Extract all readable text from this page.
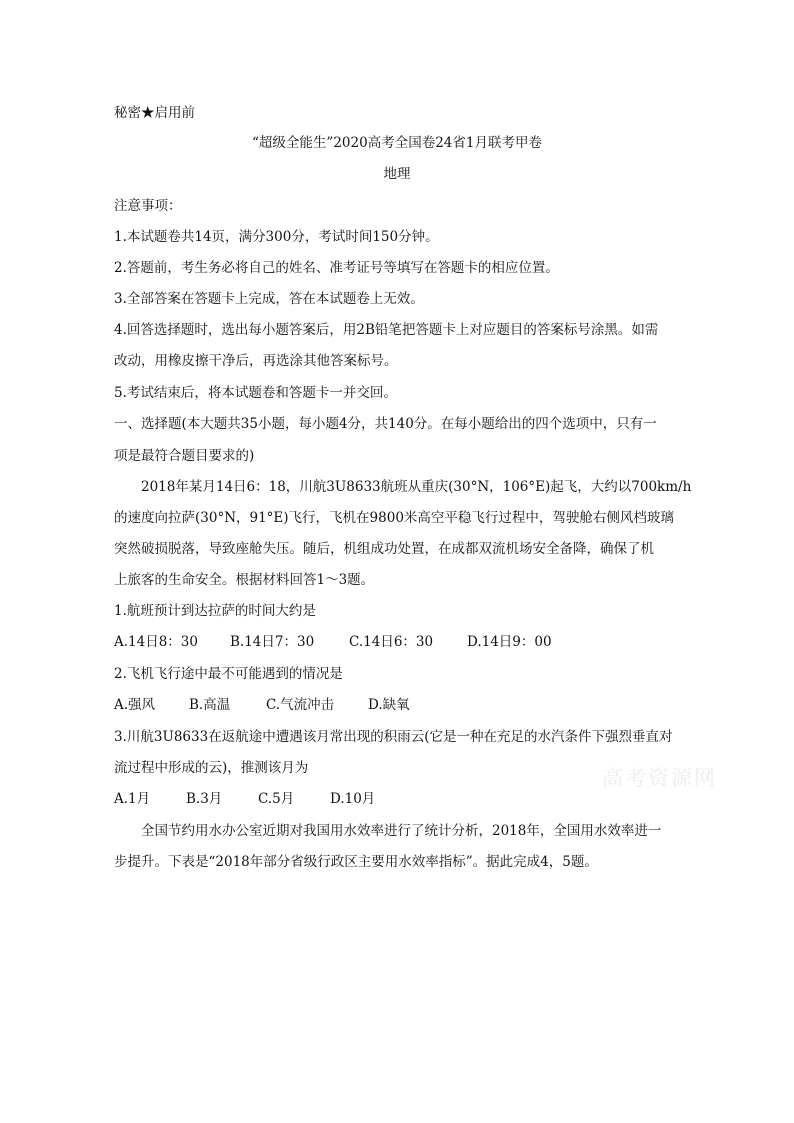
秘密★启用前
“超级全能生”2020高考全国卷24省1月联考甲卷
地理
注意事项：
1.本试题卷共14页，满分300分，考试时间150分钟。
2.答题前，考生务必将自己的姓名、准考证号等填写在答题卡的相应位置。
3.全部答案在答题卡上完成，答在本试题卷上无效。
4.回答选择题时，选出每小题答案后，用2B铅笔把答题卡上对应题目的答案标号涂黑。如需
改动，用橡皮擦干净后，再选涂其他答案标号。
5.考试结束后，将本试题卷和答题卡一并交回。
一、选择题(本大题共35小题，每小题4分，共140分。在每小题给出的四个选项中，只有一
项是最符合题目要求的)
2018年某月14日6：18，川航3U8633航班从重庆(30°N，106°E)起飞，大约以700km/h
的速度向拉萨(30°N，91°E)飞行，飞机在9800米高空平稳飞行过程中，驾驶舱右侧风档玻璃
突然破损脱落，导致座舱失压。随后，机组成功处置，在成都双流机场安全备降，确保了机
上旅客的生命安全。根据材料回答1～3题。
1.航班预计到达拉萨的时间大约是
A.14日8：30 B.14日7：30	C.14日6：30	D.14日9：00
2.飞机飞行途中最不可能遇到的情况是
A.强风	B.高温	C.气流冲击	D.缺氧
3.川航3U8633在返航途中遭遇该月常出现的积雨云(它是一种在充足的水汽条件下强烈垂直对
流过程中形成的云)，推测该月为
A.1月	B.3月	C.5月	D.10月
全国节约用水办公室近期对我国用水效率进行了统计分析，2018年，全国用水效率进一
步提升。下表是“2018年部分省级行政区主要用水效率指标”。据此完成4，5题。
高考资源网
